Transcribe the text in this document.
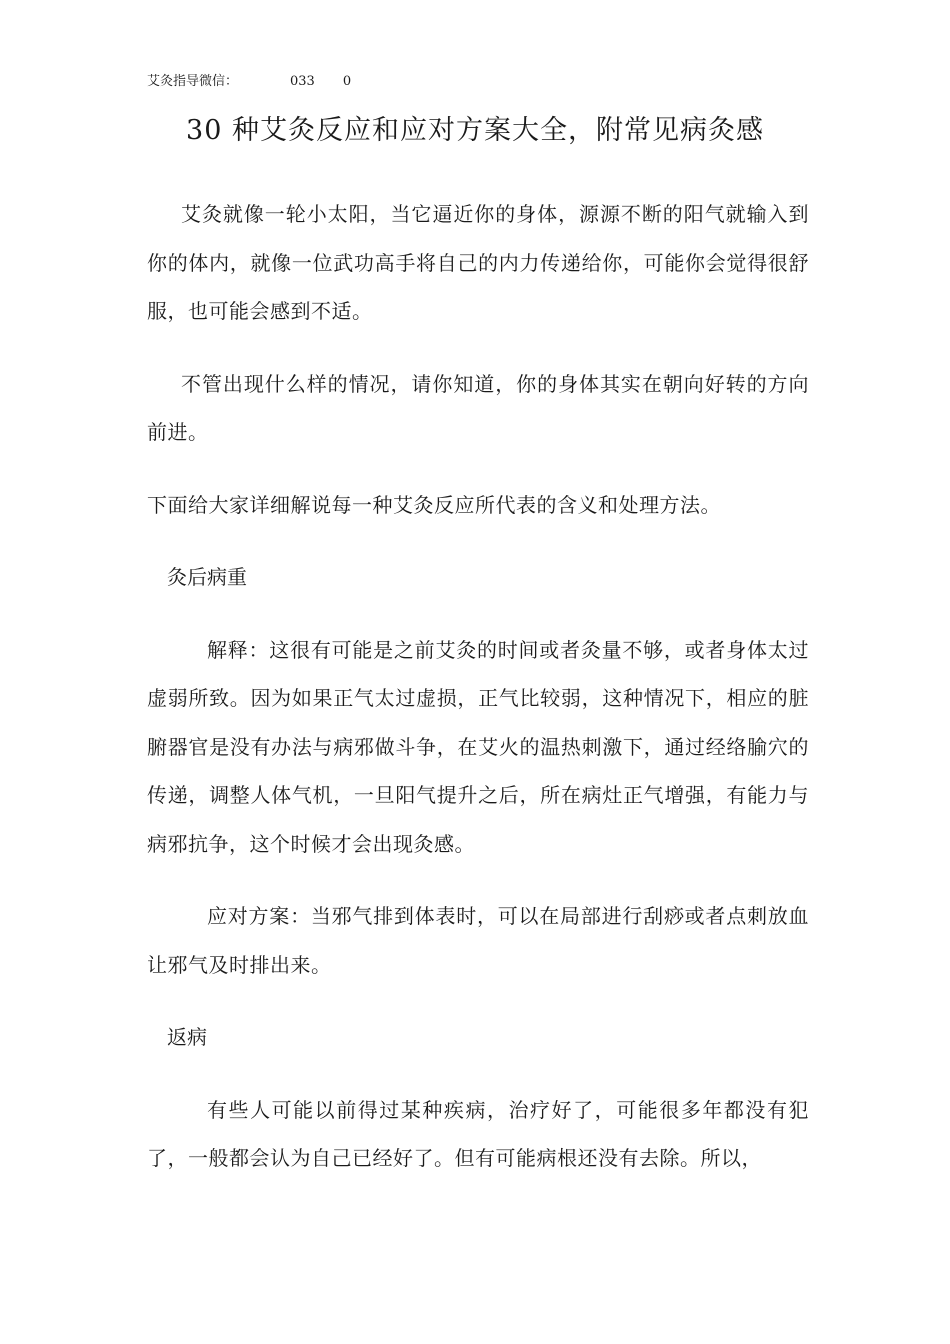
艾灸指导微信：	033 0
30 种艾灸反应和应对方案大全，附常见病灸感

艾灸就像一轮小太阳，当它逼近你的身体，源源不断的阳气就输入到你的体内，就像一位武功高手将自己的内力传递给你，可能你会觉得很舒服，也可能会感到不适。

不管出现什么样的情况，请你知道，你的身体其实在朝向好转的方向前进。

下面给大家详细解说每一种艾灸反应所代表的含义和处理方法。

灸后病重

解释：这很有可能是之前艾灸的时间或者灸量不够，或者身体太过虚弱所致。因为如果正气太过虚损，正气比较弱，这种情况下，相应的脏腑器官是没有办法与病邪做斗争，在艾火的温热刺激下，通过经络腧穴的传递，调整人体气机，一旦阳气提升之后，所在病灶正气增强，有能力与病邪抗争，这个时候才会出现灸感。

应对方案：当邪气排到体表时，可以在局部进行刮痧或者点刺放血让邪气及时排出来。

返病

有些人可能以前得过某种疾病，治疗好了，可能很多年都没有犯了，一般都会认为自己已经好了。但有可能病根还没有去除。所以，
